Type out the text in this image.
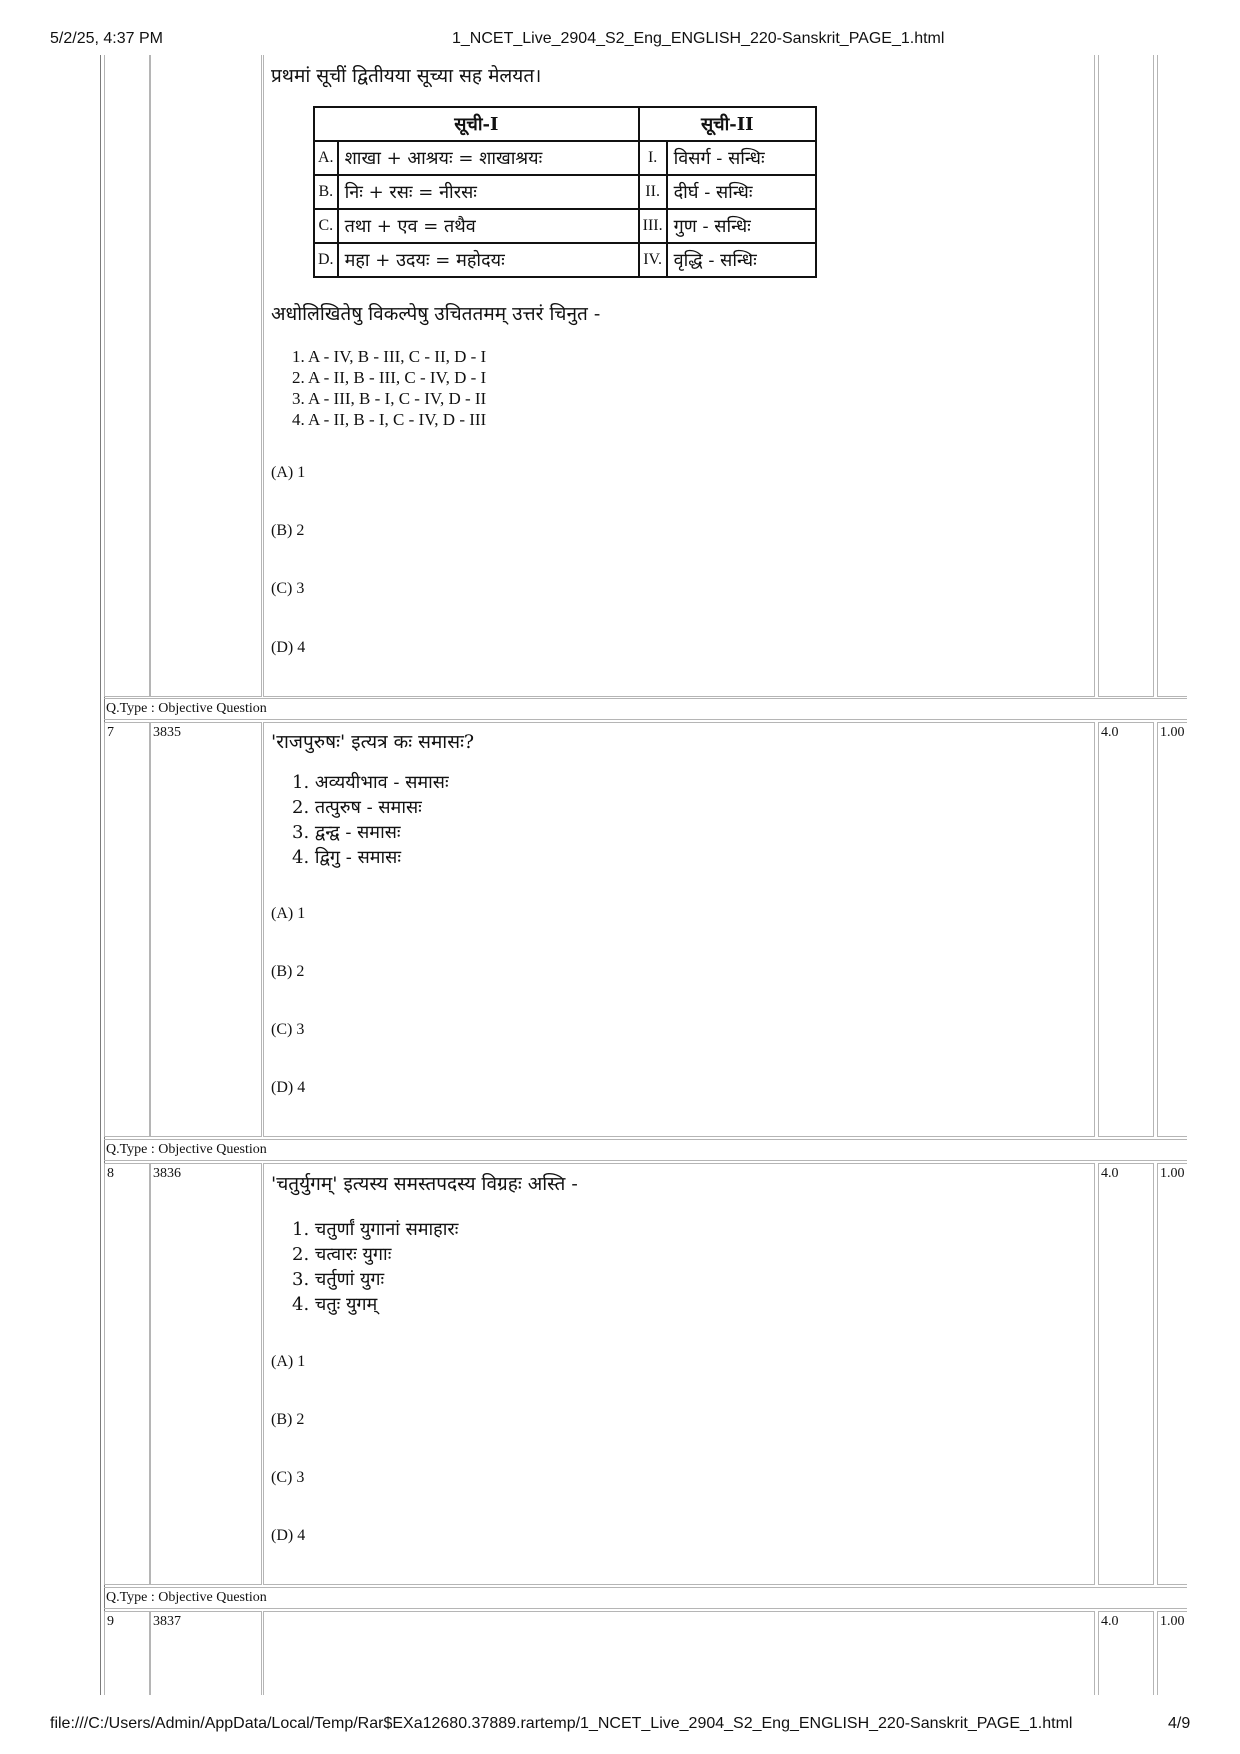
5/2/25, 4:37 PM	1_NCET_Live_2904_S2_Eng_ENGLISH_220-Sanskrit_PAGE_1.html
प्रथमां सूचीं द्वितीयया सूच्या सह मेलयत।
सूची-I		सूची-II	
A.	शाखा + आश्रयः = शाखाश्रयः	I.	विसर्ग - सन्धिः
B.	निः + रसः = नीरसः	II.	दीर्घ - सन्धिः
C.	तथा + एव = तथैव	III.	गुण - सन्धिः
D.	महा + उदयः = महोदयः	IV.	वृद्धि - सन्धिः
अधोलिखितेषु विकल्पेषु उचिततमम् उत्तरं चिनुत -
1. A - IV, B - III, C - II, D - I
2. A - II, B - III, C - IV, D - I
3. A - III, B - I, C - IV, D - II
4. A - II, B - I, C - IV, D - III
(A) 1
(B) 2
(C) 3
(D) 4
Q.Type : Objective Question
7	3835	4.0	1.00
'राजपुरुषः' इत्यत्र कः समासः?
1. अव्ययीभाव - समासः
2. तत्पुरुष - समासः
3. द्वन्द्व - समासः
4. द्विगु - समासः
(A) 1
(B) 2
(C) 3
(D) 4
Q.Type : Objective Question
8	3836	4.0	1.00
'चतुर्युगम्' इत्यस्य समस्तपदस्य विग्रहः अस्ति -
1. चतुर्णां युगानां समाहारः
2. चत्वारः युगाः
3. चर्तुणां युगः
4. चतुः युगम्
(A) 1
(B) 2
(C) 3
(D) 4
Q.Type : Objective Question
9	3837	4.0	1.00
file:///C:/Users/Admin/AppData/Local/Temp/Rar$EXa12680.37889.rartemp/1_NCET_Live_2904_S2_Eng_ENGLISH_220-Sanskrit_PAGE_1.html	4/9
